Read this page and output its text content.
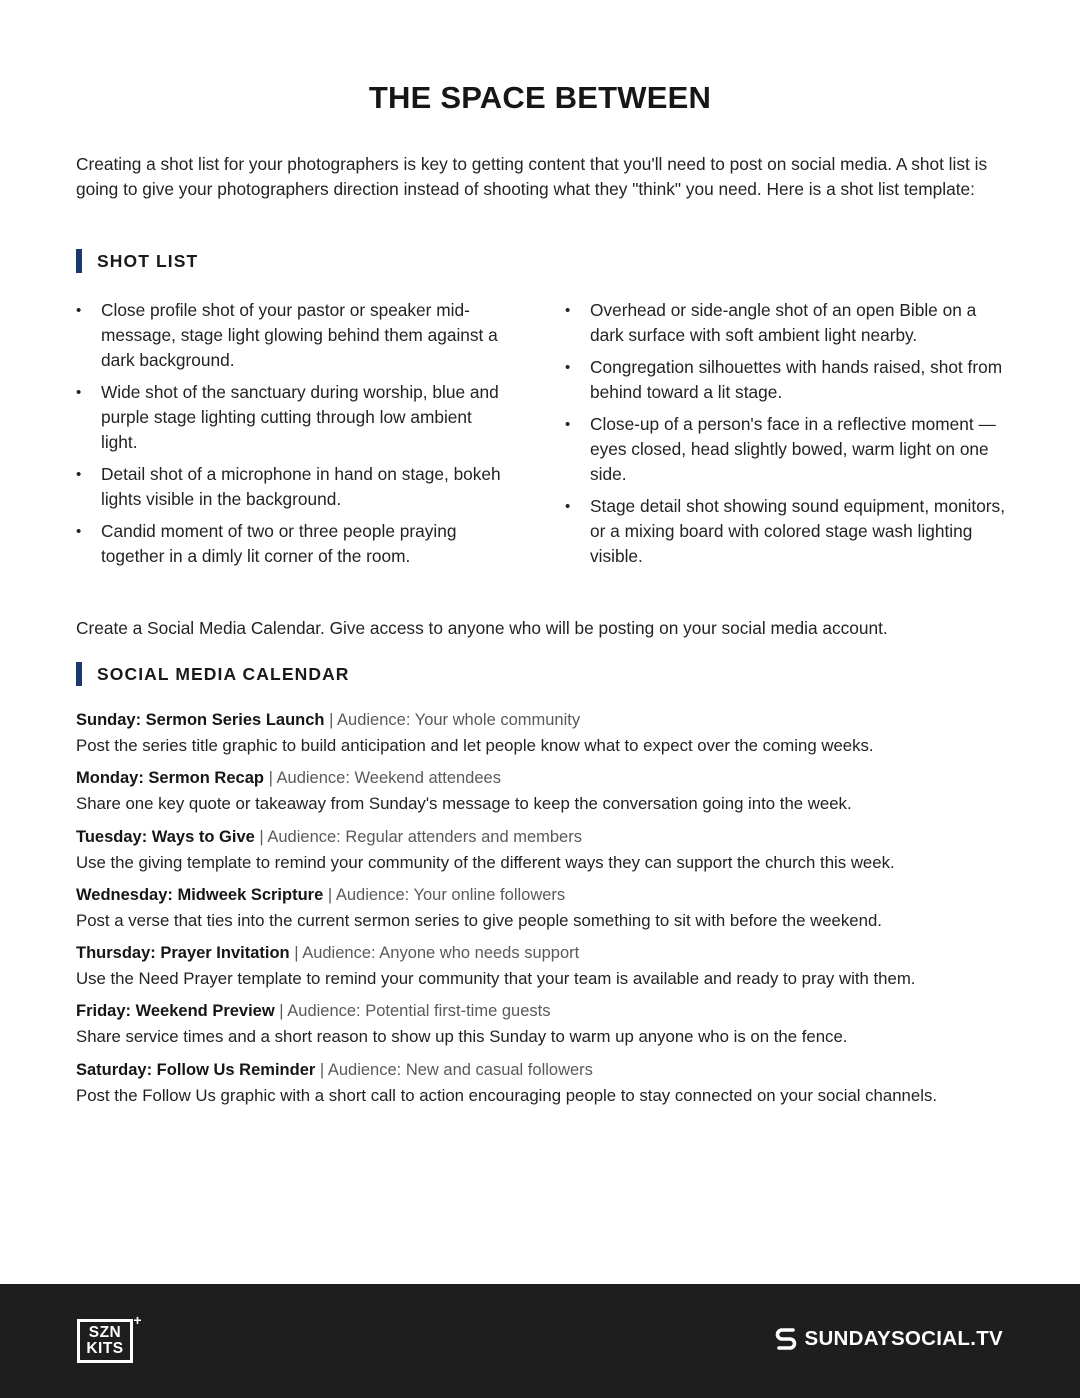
THE SPACE BETWEEN
Creating a shot list for your photographers is key to getting content that you'll need to post on social media. A shot list is going to give your photographers direction instead of shooting what they "think" you need. Here is a shot list template:
SHOT LIST
• Close profile shot of your pastor or speaker mid-message, stage light glowing behind them against a dark background.
• Wide shot of the sanctuary during worship, blue and purple stage lighting cutting through low ambient light.
• Detail shot of a microphone in hand on stage, bokeh lights visible in the background.
• Candid moment of two or three people praying together in a dimly lit corner of the room.
• Overhead or side-angle shot of an open Bible on a dark surface with soft ambient light nearby.
• Congregation silhouettes with hands raised, shot from behind toward a lit stage.
• Close-up of a person's face in a reflective moment — eyes closed, head slightly bowed, warm light on one side.
• Stage detail shot showing sound equipment, monitors, or a mixing board with colored stage wash lighting visible.
Create a Social Media Calendar. Give access to anyone who will be posting on your social media account.
SOCIAL MEDIA CALENDAR
Sunday: Sermon Series Launch | Audience: Your whole community
Post the series title graphic to build anticipation and let people know what to expect over the coming weeks.
Monday: Sermon Recap | Audience: Weekend attendees
Share one key quote or takeaway from Sunday's message to keep the conversation going into the week.
Tuesday: Ways to Give | Audience: Regular attenders and members
Use the giving template to remind your community of the different ways they can support the church this week.
Wednesday: Midweek Scripture | Audience: Your online followers
Post a verse that ties into the current sermon series to give people something to sit with before the weekend.
Thursday: Prayer Invitation | Audience: Anyone who needs support
Use the Need Prayer template to remind your community that your team is available and ready to pray with them.
Friday: Weekend Preview | Audience: Potential first-time guests
Share service times and a short reason to show up this Sunday to warm up anyone who is on the fence.
Saturday: Follow Us Reminder | Audience: New and casual followers
Post the Follow Us graphic with a short call to action encouraging people to stay connected on your social channels.
SZN
KITS
+
SUNDAYSOCIAL.TV
